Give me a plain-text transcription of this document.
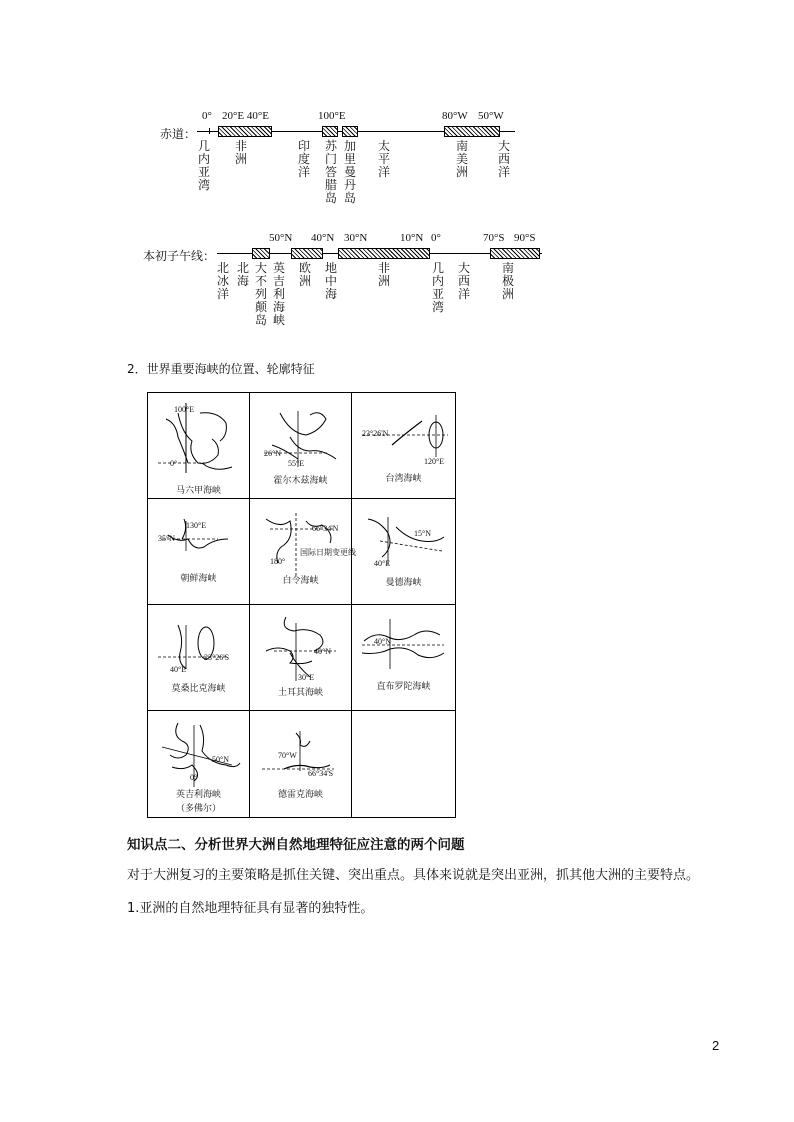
0° 20°E 40°E	100°E	80°W 50°W
赤道：
几内亚湾
非洲
印度洋
苏门答腊岛
加里曼丹岛
太平洋
南美洲
大西洋
50°N 40°N 30°N	10°N 0°	70°S 90°S
本初子午线：
北冰洋
北海
大不列颠岛
英吉利海峡
欧洲
地中海
非洲
几内亚湾
大西洋
南极洲
2．世界重要海峡的位置、轮廓特征
100°E
0°
马六甲海峡
26°N
55°E
霍尔木兹海峡
23°26'N
120°E
台湾海峡
130°E
35°N
朝鲜海峡
66°34'N
180°
国际日期变更线
白令海峡
15°N
40°E
曼德海峡
23°26'S
40°E
莫桑比克海峡
40°N
30°E
土耳其海峡
40°N
直布罗陀海峡
50°N
0°
英吉利海峡
（多佛尔）
70°W
66°34'S
德雷克海峡
知识点二、分析世界大洲自然地理特征应注意的两个问题
对于大洲复习的主要策略是抓住关键、突出重点。具体来说就是突出亚洲，抓其他大洲的主要特点。
1.亚洲的自然地理特征具有显著的独特性。
2
